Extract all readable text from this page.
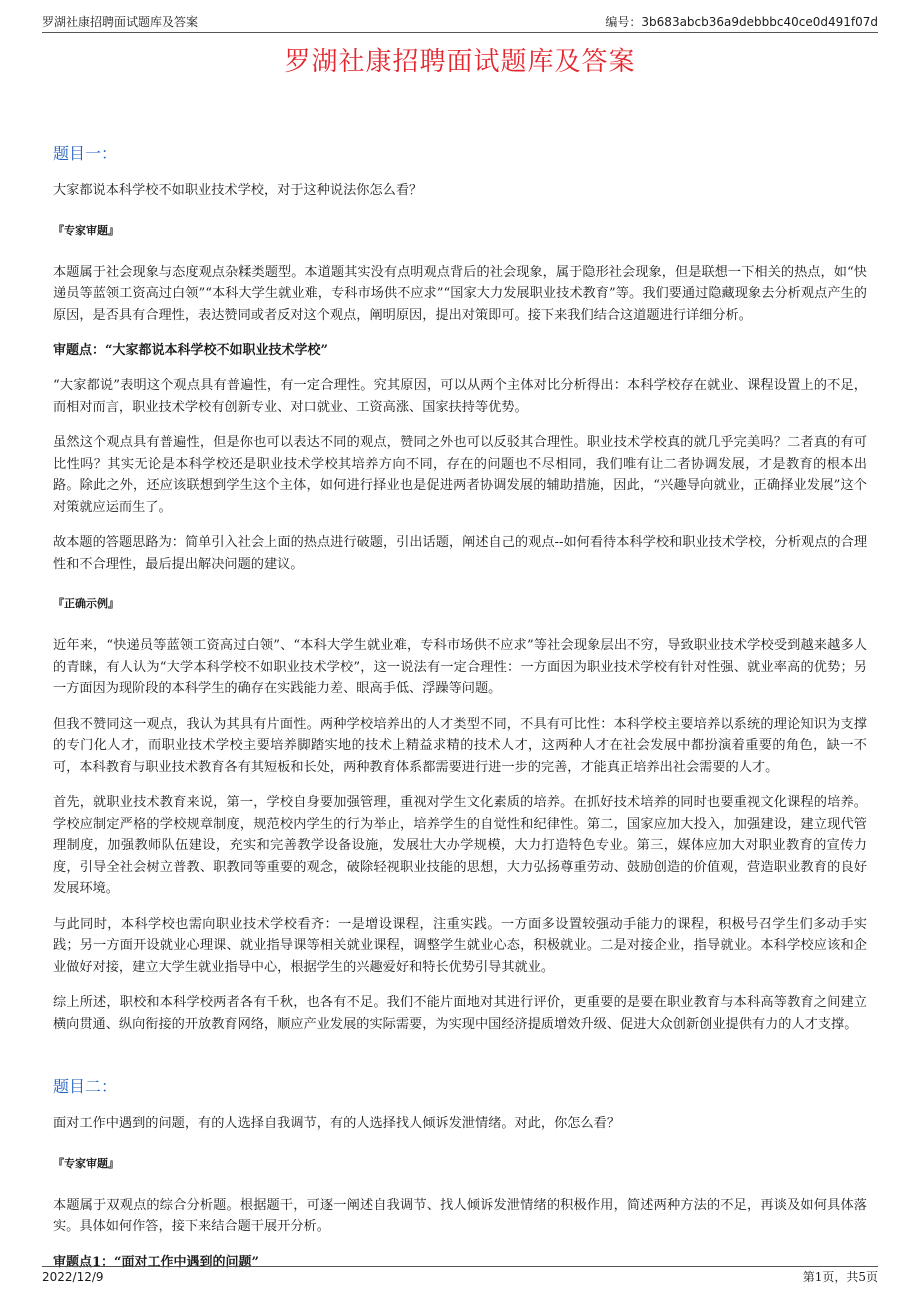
罗湖社康招聘面试题库及答案	编号：3b683abcb36a9debbbc40ce0d491f07d
罗湖社康招聘面试题库及答案
题目一：

大家都说本科学校不如职业技术学校，对于这种说法你怎么看？

『专家审题』

本题属于社会现象与态度观点杂糅类题型。本道题其实没有点明观点背后的社会现象，属于隐形社会现象，但是联想一下相关的热点，如“快递员等蓝领工资高过白领”“本科大学生就业难，专科市场供不应求”“国家大力发展职业技术教育”等。我们要通过隐藏现象去分析观点产生的原因，是否具有合理性，表达赞同或者反对这个观点，阐明原因，提出对策即可。接下来我们结合这道题进行详细分析。

审题点：“大家都说本科学校不如职业技术学校”

“大家都说”表明这个观点具有普遍性，有一定合理性。究其原因，可以从两个主体对比分析得出：本科学校存在就业、课程设置上的不足，而相对而言，职业技术学校有创新专业、对口就业、工资高涨、国家扶持等优势。

虽然这个观点具有普遍性，但是你也可以表达不同的观点，赞同之外也可以反驳其合理性。职业技术学校真的就几乎完美吗？二者真的有可比性吗？其实无论是本科学校还是职业技术学校其培养方向不同，存在的问题也不尽相同，我们唯有让二者协调发展，才是教育的根本出路。除此之外，还应该联想到学生这个主体，如何进行择业也是促进两者协调发展的辅助措施，因此，“兴趣导向就业，正确择业发展”这个对策就应运而生了。

故本题的答题思路为：简单引入社会上面的热点进行破题，引出话题，阐述自己的观点--如何看待本科学校和职业技术学校，分析观点的合理性和不合理性，最后提出解决问题的建议。

『正确示例』

近年来，“快递员等蓝领工资高过白领”、“本科大学生就业难，专科市场供不应求”等社会现象层出不穷，导致职业技术学校受到越来越多人的青睐，有人认为“大学本科学校不如职业技术学校”，这一说法有一定合理性：一方面因为职业技术学校有针对性强、就业率高的优势；另一方面因为现阶段的本科学生的确存在实践能力差、眼高手低、浮躁等问题。

但我不赞同这一观点，我认为其具有片面性。两种学校培养出的人才类型不同，不具有可比性：本科学校主要培养以系统的理论知识为支撑的专门化人才，而职业技术学校主要培养脚踏实地的技术上精益求精的技术人才，这两种人才在社会发展中都扮演着重要的角色，缺一不可，本科教育与职业技术教育各有其短板和长处，两种教育体系都需要进行进一步的完善，才能真正培养出社会需要的人才。

首先，就职业技术教育来说，第一，学校自身要加强管理，重视对学生文化素质的培养。在抓好技术培养的同时也要重视文化课程的培养。学校应制定严格的学校规章制度，规范校内学生的行为举止，培养学生的自觉性和纪律性。第二，国家应加大投入，加强建设，建立现代管理制度，加强教师队伍建设，充实和完善教学设备设施，发展壮大办学规模，大力打造特色专业。第三，媒体应加大对职业教育的宣传力度，引导全社会树立普教、职教同等重要的观念，破除轻视职业技能的思想，大力弘扬尊重劳动、鼓励创造的价值观，营造职业教育的良好发展环境。

与此同时，本科学校也需向职业技术学校看齐：一是增设课程，注重实践。一方面多设置较强动手能力的课程，积极号召学生们多动手实践；另一方面开设就业心理课、就业指导课等相关就业课程，调整学生就业心态，积极就业。二是对接企业，指导就业。本科学校应该和企业做好对接，建立大学生就业指导中心，根据学生的兴趣爱好和特长优势引导其就业。

综上所述，职校和本科学校两者各有千秋，也各有不足。我们不能片面地对其进行评价，更重要的是要在职业教育与本科高等教育之间建立横向贯通、纵向衔接的开放教育网络，顺应产业发展的实际需要，为实现中国经济提质增效升级、促进大众创新创业提供有力的人才支撑。

题目二：

面对工作中遇到的问题，有的人选择自我调节，有的人选择找人倾诉发泄情绪。对此，你怎么看？

『专家审题』

本题属于双观点的综合分析题。根据题干，可逐一阐述自我调节、找人倾诉发泄情绪的积极作用，简述两种方法的不足，再谈及如何具体落实。具体如何作答，接下来结合题干展开分析。

审题点1：“面对工作中遇到的问题”
2022/12/9	第1页，共5页
